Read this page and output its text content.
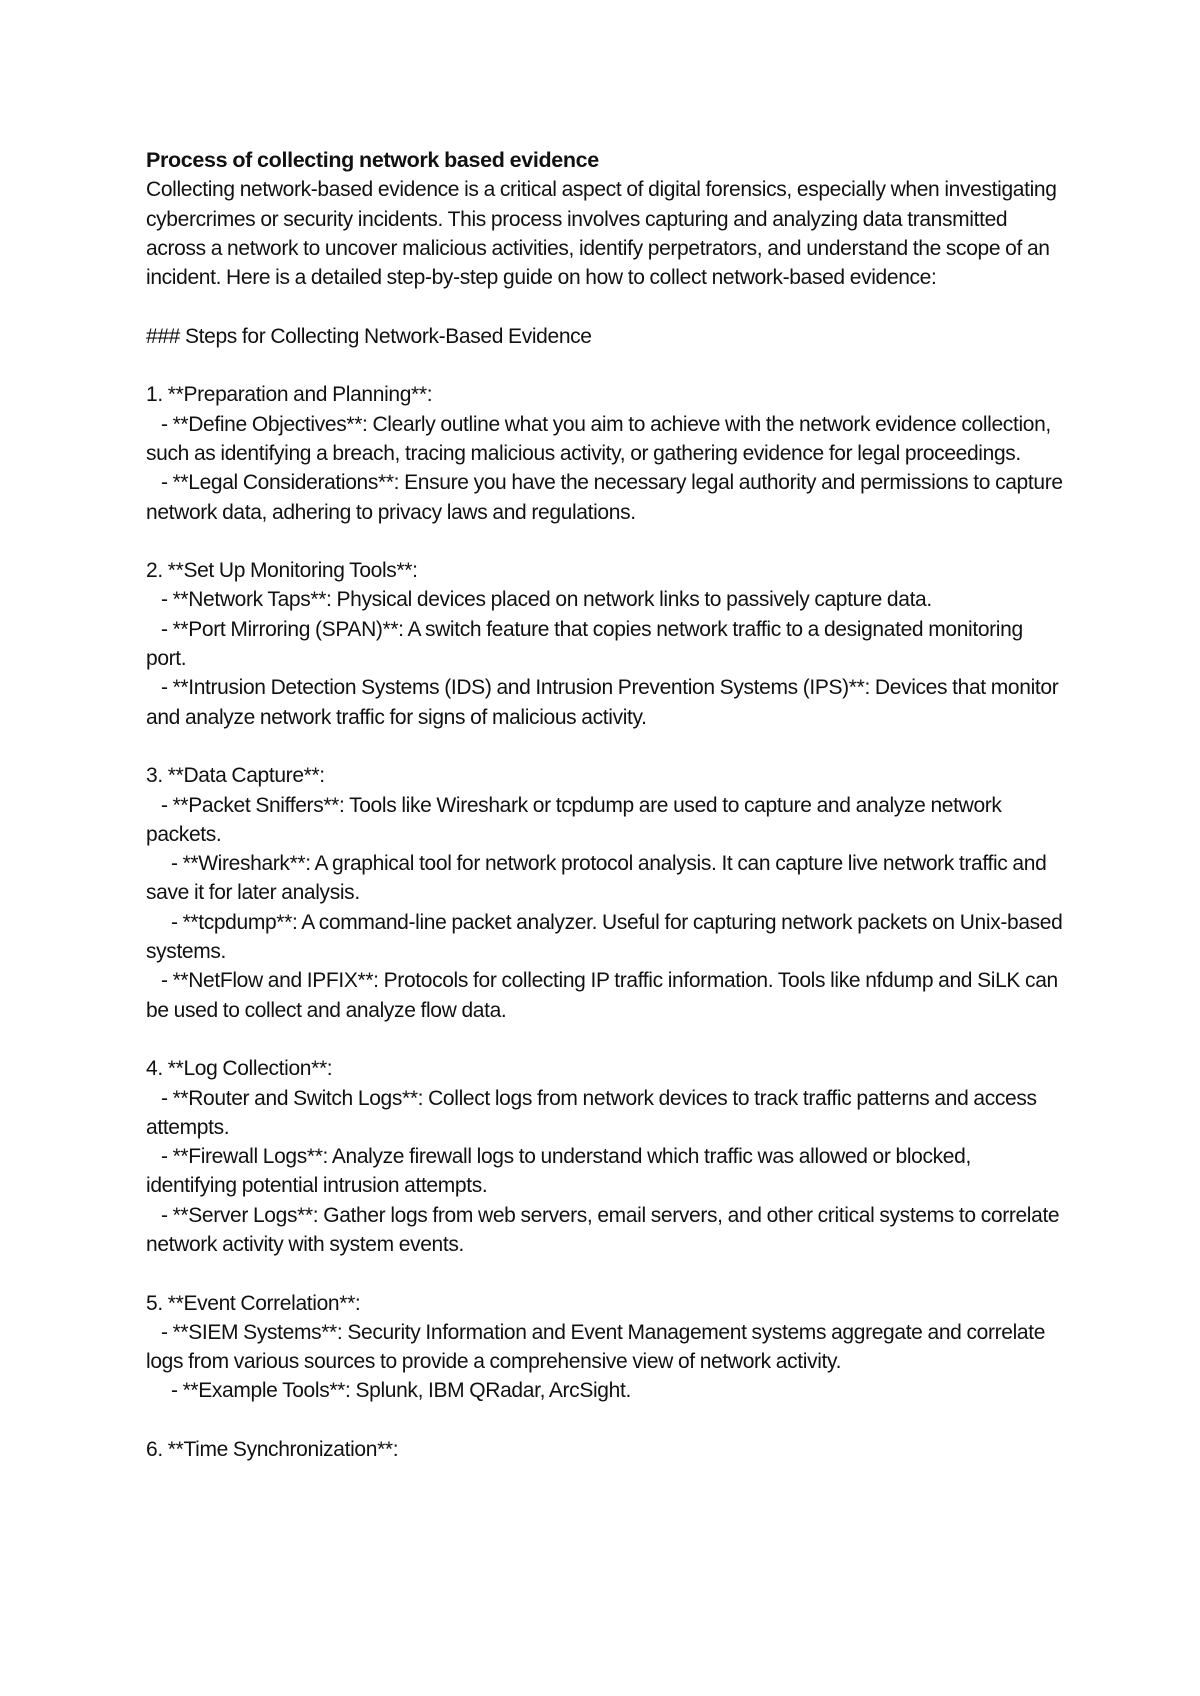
Process of collecting network based evidence

Collecting network-based evidence is a critical aspect of digital forensics, especially when investigating cybercrimes or security incidents. This process involves capturing and analyzing data transmitted across a network to uncover malicious activities, identify perpetrators, and understand the scope of an incident. Here is a detailed step-by-step guide on how to collect network-based evidence:

### Steps for Collecting Network-Based Evidence

1. **Preparation and Planning**:

- **Define Objectives**: Clearly outline what you aim to achieve with the network evidence collection, such as identifying a breach, tracing malicious activity, or gathering evidence for legal proceedings.

- **Legal Considerations**: Ensure you have the necessary legal authority and permissions to capture network data, adhering to privacy laws and regulations.

2. **Set Up Monitoring Tools**:

- **Network Taps**: Physical devices placed on network links to passively capture data.

- **Port Mirroring (SPAN)**: A switch feature that copies network traffic to a designated monitoring port.

- **Intrusion Detection Systems (IDS) and Intrusion Prevention Systems (IPS)**: Devices that monitor and analyze network traffic for signs of malicious activity.

3. **Data Capture**:

- **Packet Sniffers**: Tools like Wireshark or tcpdump are used to capture and analyze network packets.

- **Wireshark**: A graphical tool for network protocol analysis. It can capture live network traffic and save it for later analysis.

- **tcpdump**: A command-line packet analyzer. Useful for capturing network packets on Unix-based systems.

- **NetFlow and IPFIX**: Protocols for collecting IP traffic information. Tools like nfdump and SiLK can be used to collect and analyze flow data.

4. **Log Collection**:

- **Router and Switch Logs**: Collect logs from network devices to track traffic patterns and access attempts.

- **Firewall Logs**: Analyze firewall logs to understand which traffic was allowed or blocked, identifying potential intrusion attempts.

- **Server Logs**: Gather logs from web servers, email servers, and other critical systems to correlate network activity with system events.

5. **Event Correlation**:

- **SIEM Systems**: Security Information and Event Management systems aggregate and correlate logs from various sources to provide a comprehensive view of network activity.

- **Example Tools**: Splunk, IBM QRadar, ArcSight.

6. **Time Synchronization**:
